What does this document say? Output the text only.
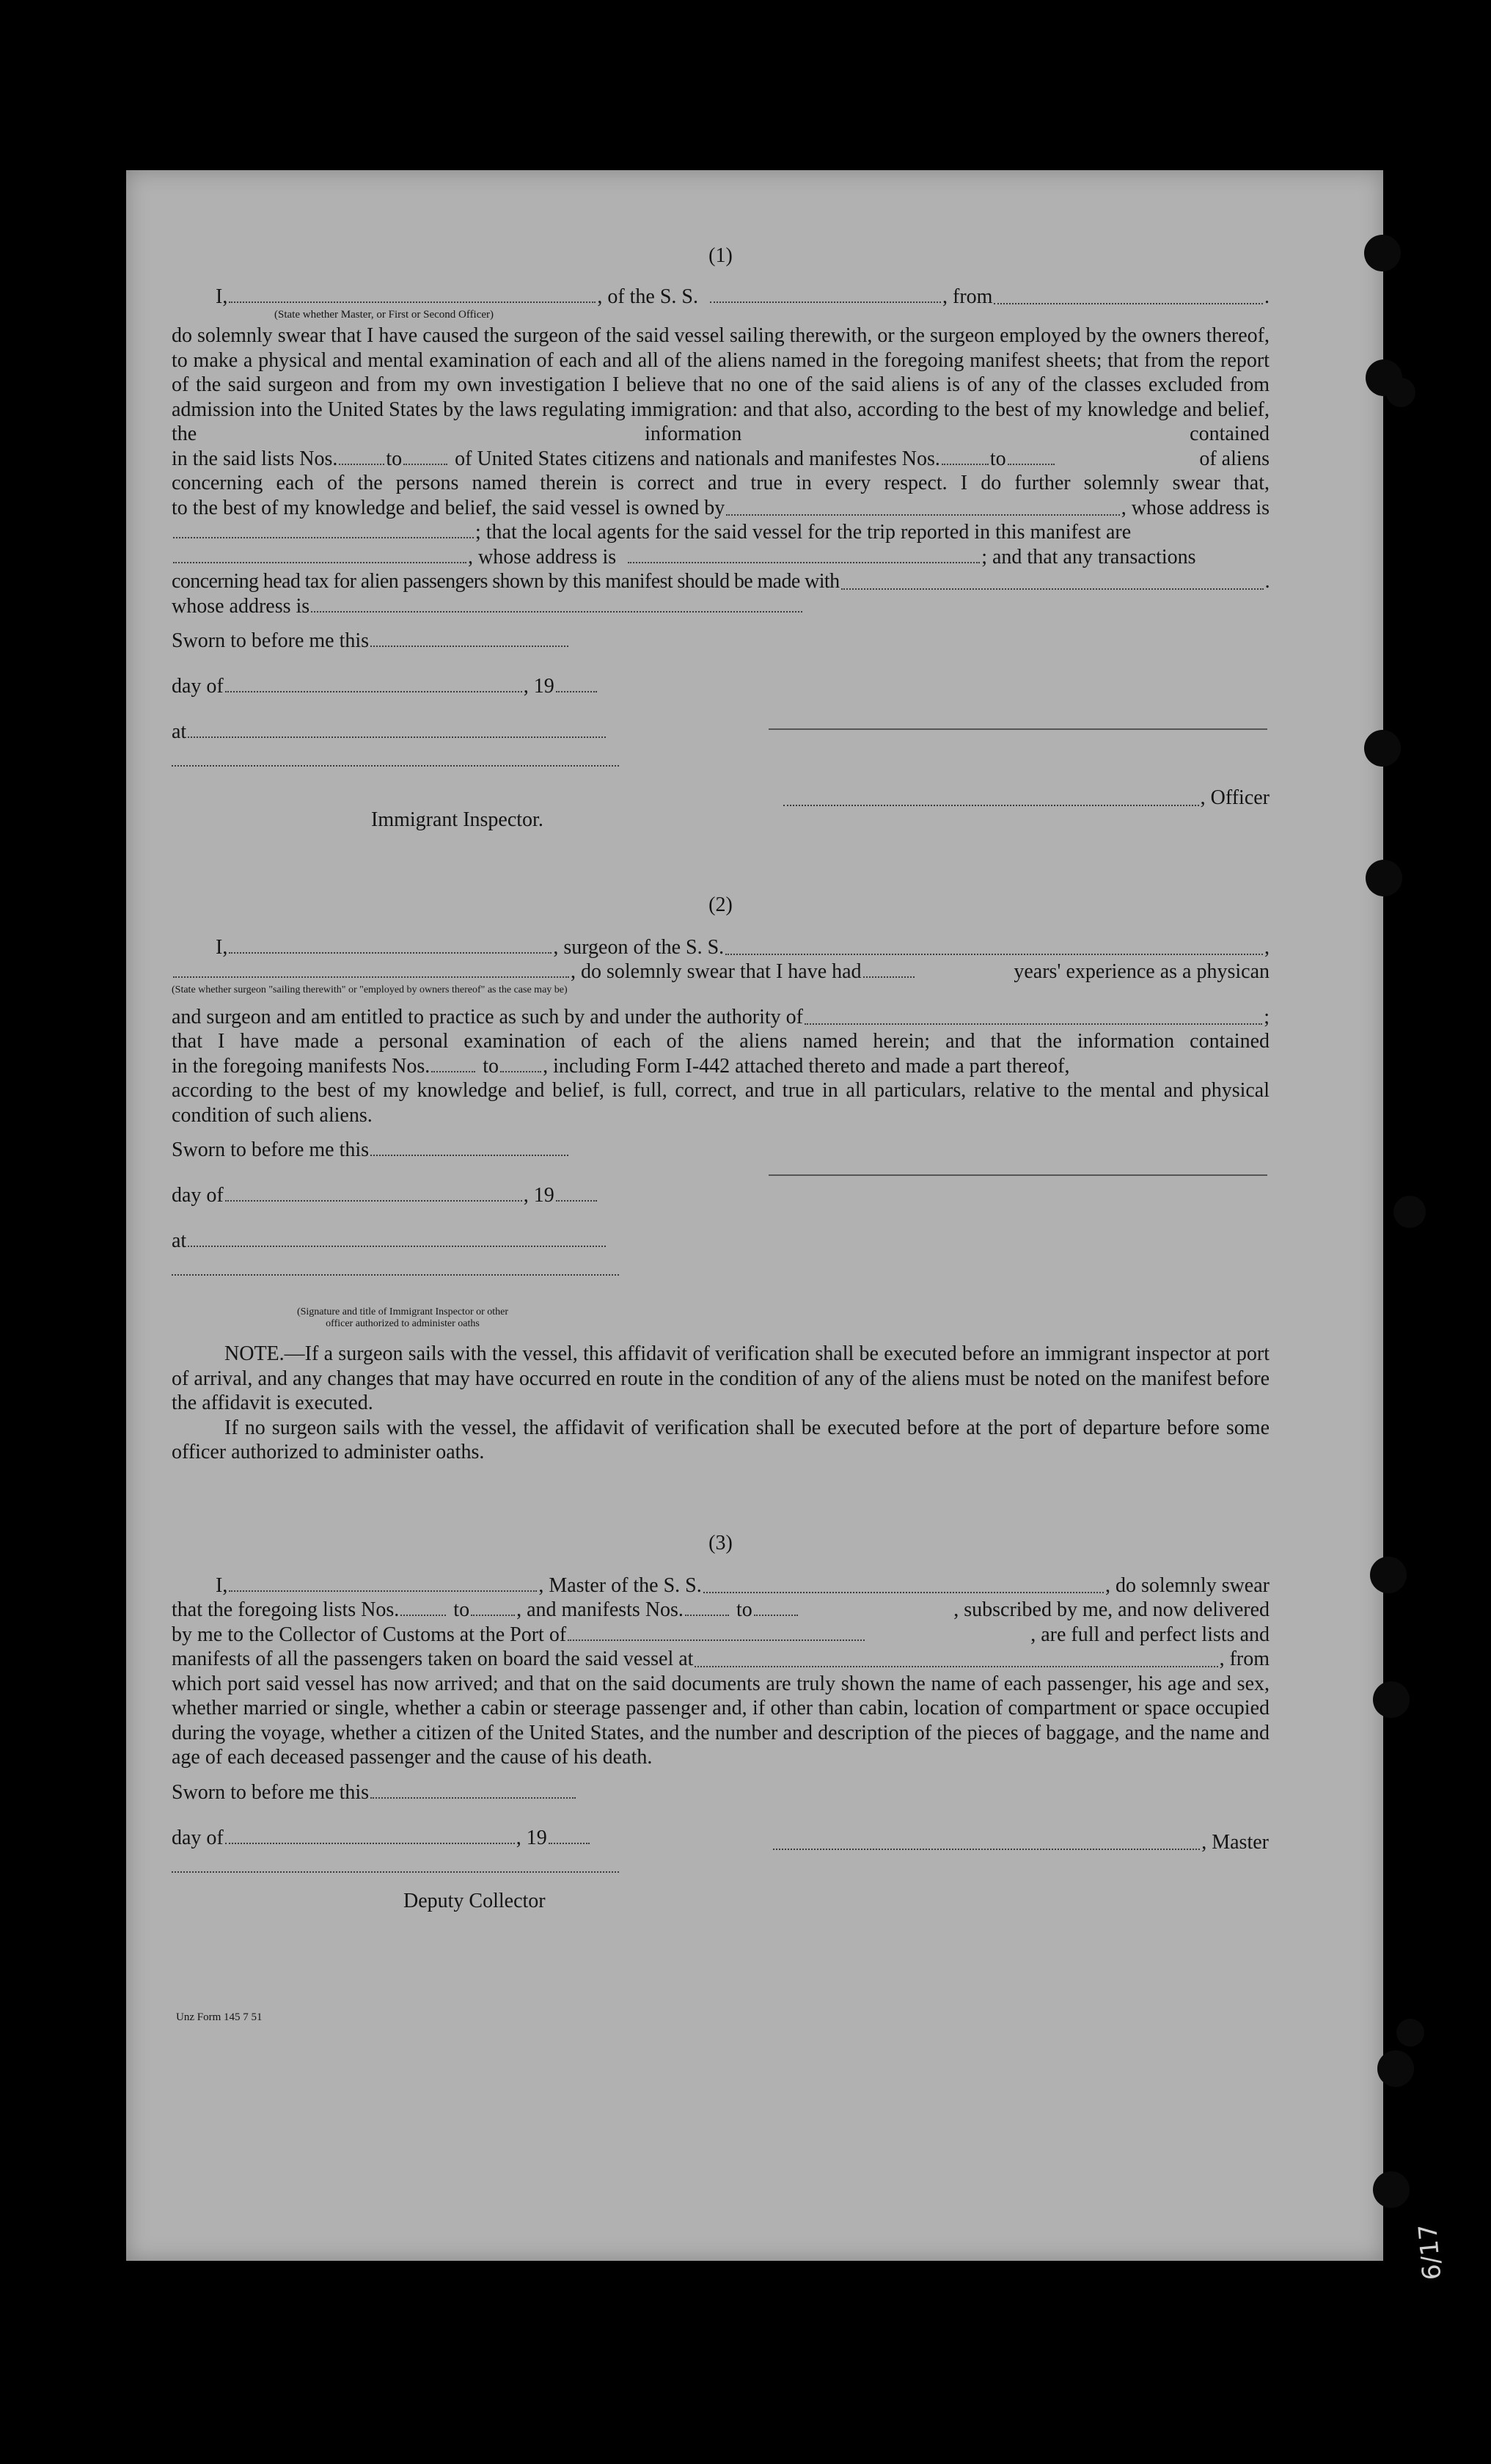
(1)
I,	, of the S. S.	, from	.
(State whether Master, or First or Second Officer)
do solemnly swear that I have caused the surgeon of the said vessel sailing therewith, or the surgeon employed by the owners thereof, to make a physical and mental examination of each and all of the aliens named in the foregoing manifest sheets; that from the report of the said surgeon and from my own investigation I believe that no one of the said aliens is of any of the classes excluded from admission into the United States by the laws regulating immigration: and that also, according to the best of my knowledge and belief, the information contained
in the said lists Nos. to	of United States citizens and nationals and manifestes Nos. to	of aliens
concerning each of the persons named therein is correct and true in every respect. I do further solemnly swear that,
to the best of my knowledge and belief, the said vessel is owned by	, whose address is
; that the local agents for the said vessel for the trip reported in this manifest are
, whose address is	; and that any transactions
concerning head tax for alien passengers shown by this manifest should be made with	.
whose address is
Sworn to before me this
day of	, 19
at
Immigrant Inspector.
, Officer
(2)
I,	, surgeon of the S. S.	,
, do solemnly swear that I have had	years' experience as a physican
(State whether surgeon "sailing therewith" or "employed by owners thereof" as the case may be)
and surgeon and am entitled to practice as such by and under the authority of	;
that I have made a personal examination of each of the aliens named herein; and that the information contained
in the foregoing manifests Nos.	to , including Form I-442 attached thereto and made a part thereof,
according to the best of my knowledge and belief, is full, correct, and true in all particulars, relative to the mental and physical condition of such aliens.
Sworn to before me this
day of	, 19
at
(Signature and title of Immigrant Inspector or other
officer authorized to administer oaths
NOTE.—If a surgeon sails with the vessel, this affidavit of verification shall be executed before an immigrant inspector at port of arrival, and any changes that may have occurred en route in the condition of any of the aliens must be noted on the manifest before the affidavit is executed.
If no surgeon sails with the vessel, the affidavit of verification shall be executed before at the port of departure before some officer authorized to administer oaths.
(3)
I,	, Master of the S. S.	, do solemnly swear
that the foregoing lists Nos.	to , and manifests Nos.	to	, subscribed by me, and now delivered
by me to the Collector of Customs at the Port of	, are full and perfect lists and
manifests of all the passengers taken on board the said vessel at	, from
which port said vessel has now arrived; and that on the said documents are truly shown the name of each passenger, his age and sex, whether married or single, whether a cabin or steerage passenger and, if other than cabin, location of compartment or space occupied during the voyage, whether a citizen of the United States, and the number and description of the pieces of baggage, and the name and age of each deceased passenger and the cause of his death.
Sworn to before me this
day of	, 19
Deputy Collector
, Master
Unz Form 145 7 51
6/17
